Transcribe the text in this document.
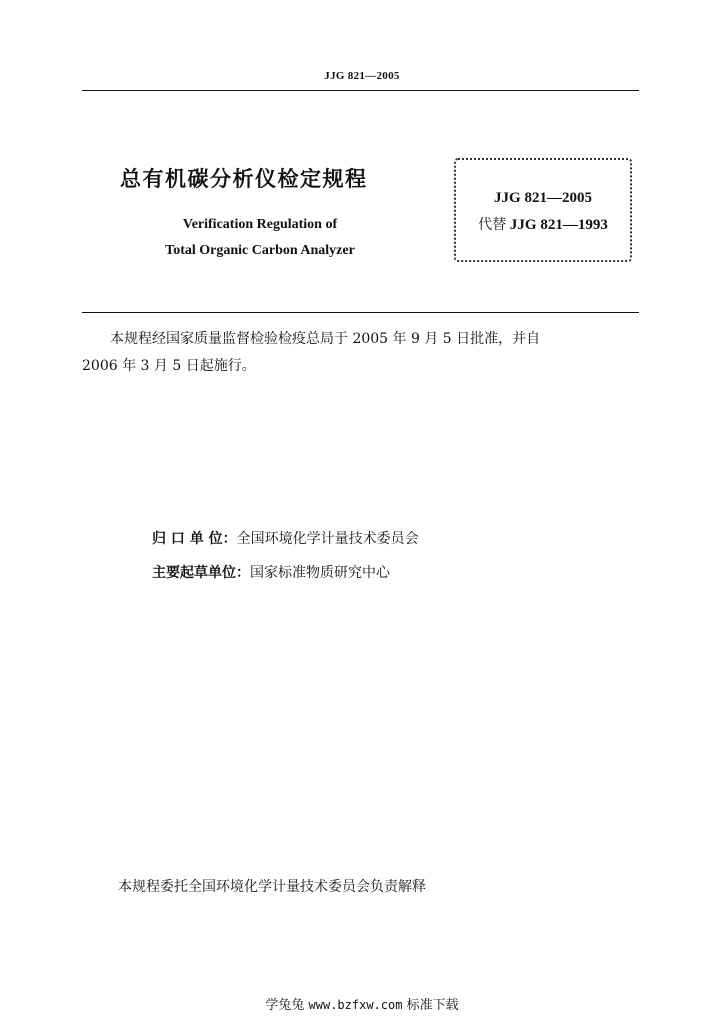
JJG 821—2005
总有机碳分析仪检定规程
Verification Regulation of
Total Organic Carbon Analyzer
JJG 821—2005
代替 JJG 821—1993
本规程经国家质量监督检验检疫总局于 2005 年 9 月 5 日批准，并自
2006 年 3 月 5 日起施行。
归 口 单 位：全国环境化学计量技术委员会
主要起草单位：国家标准物质研究中心
本规程委托全国环境化学计量技术委员会负责解释
学兔兔 www.bzfxw.com 标准下载
